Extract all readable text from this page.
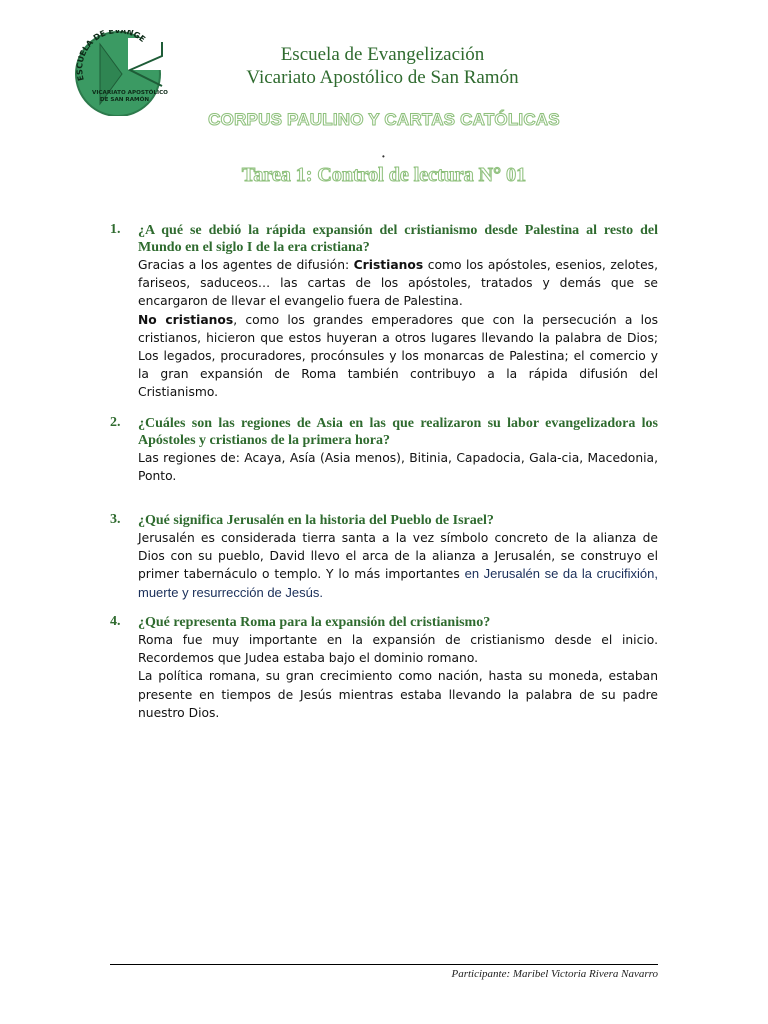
ESCUELA DE EVANGE
VICARIATO APOSTÓLICO
DE SAN RAMÓN
Escuela de Evangelización
Vicariato Apostólico de San Ramón
CORPUS PAULINO Y CARTAS CATÓLICAS
•
Tarea 1: Control de lectura N° 01
1. ¿A qué se debió la rápida expansión del cristianismo desde Palestina al resto del Mundo en el siglo I de la era cristiana?

Gracias a los agentes de difusión: Cristianos como los apóstoles, esenios, zelotes, fariseos, saduceos… las cartas de los apóstoles, tratados y demás que se encargaron de llevar el evangelio fuera de Palestina.

No cristianos, como los grandes emperadores que con la persecución a los cristianos, hicieron que estos huyeran a otros lugares llevando la palabra de Dios; Los legados, procuradores, procónsules y los monarcas de Palestina; el comercio y la gran expansión de Roma también contribuyo a la rápida difusión del Cristianismo.

2. ¿Cuáles son las regiones de Asia en las que realizaron su labor evangelizadora los Apóstoles y cristianos de la primera hora?

Las regiones de: Acaya, Asía (Asia menos), Bitinia, Capadocia, Gala-cia, Macedonia, Ponto.

3. ¿Qué significa Jerusalén en la historia del Pueblo de Israel?

Jerusalén es considerada tierra santa a la vez símbolo concreto de la alianza de Dios con su pueblo, David llevo el arca de la alianza a Jerusalén, se construyo el primer tabernáculo o templo. Y lo más importantes en Jerusalén se da la crucifixión, muerte y resurrección de Jesús.

4. ¿Qué representa Roma para la expansión del cristianismo?

Roma fue muy importante en la expansión de cristianismo desde el inicio. Recordemos que Judea estaba bajo el dominio romano.

La política romana, su gran crecimiento como nación, hasta su moneda, estaban presente en tiempos de Jesús mientras estaba llevando la palabra de su padre nuestro Dios.

Participante: Maribel Victoria Rivera Navarro
